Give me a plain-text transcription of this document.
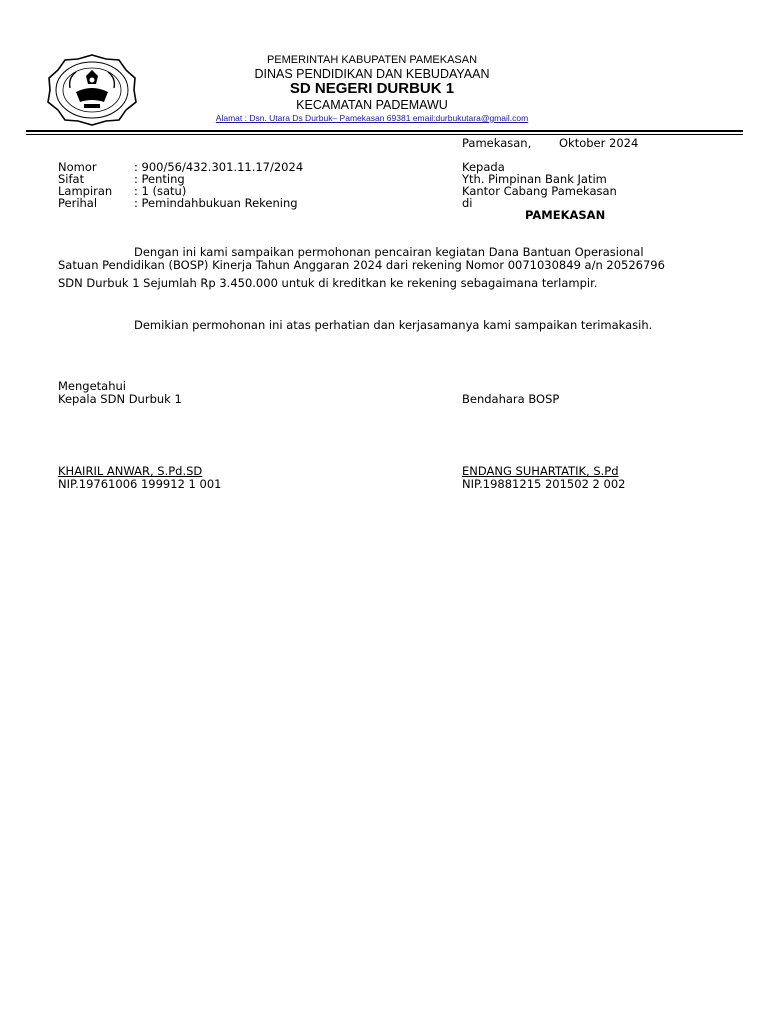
PEMERINTAH KABUPATEN PAMEKASAN
DINAS PENDIDIKAN DAN KEBUDAYAAN
SD NEGERI DURBUK 1
KECAMATAN PADEMAWU
Alamat : Dsn. Utara Ds Durbuk– Pamekasan 69381 email:durbukutara@gmail.com
Pamekasan, Oktober 2024
Nomor	: 900/56/432.301.11.17/2024
Sifat	: Penting
Lampiran : 1 (satu)
Perihal	: Pemindahbukuan Rekening
Kepada
Yth. Pimpinan Bank Jatim
Kantor Cabang Pamekasan
di
PAMEKASAN
Dengan ini kami sampaikan permohonan pencairan kegiatan Dana Bantuan Operasional
Satuan Pendidikan (BOSP) Kinerja Tahun Anggaran 2024 dari rekening Nomor 0071030849 a/n 20526796
SDN Durbuk 1 Sejumlah Rp 3.450.000 untuk di kreditkan ke rekening sebagaimana terlampir.
Demikian permohonan ini atas perhatian dan kerjasamanya kami sampaikan terimakasih.
Mengetahui
Kepala SDN Durbuk 1
KHAIRIL ANWAR, S.Pd.SD
NIP.19761006 199912 1 001
Bendahara BOSP
ENDANG SUHARTATIK, S.Pd
NIP.19881215 201502 2 002
